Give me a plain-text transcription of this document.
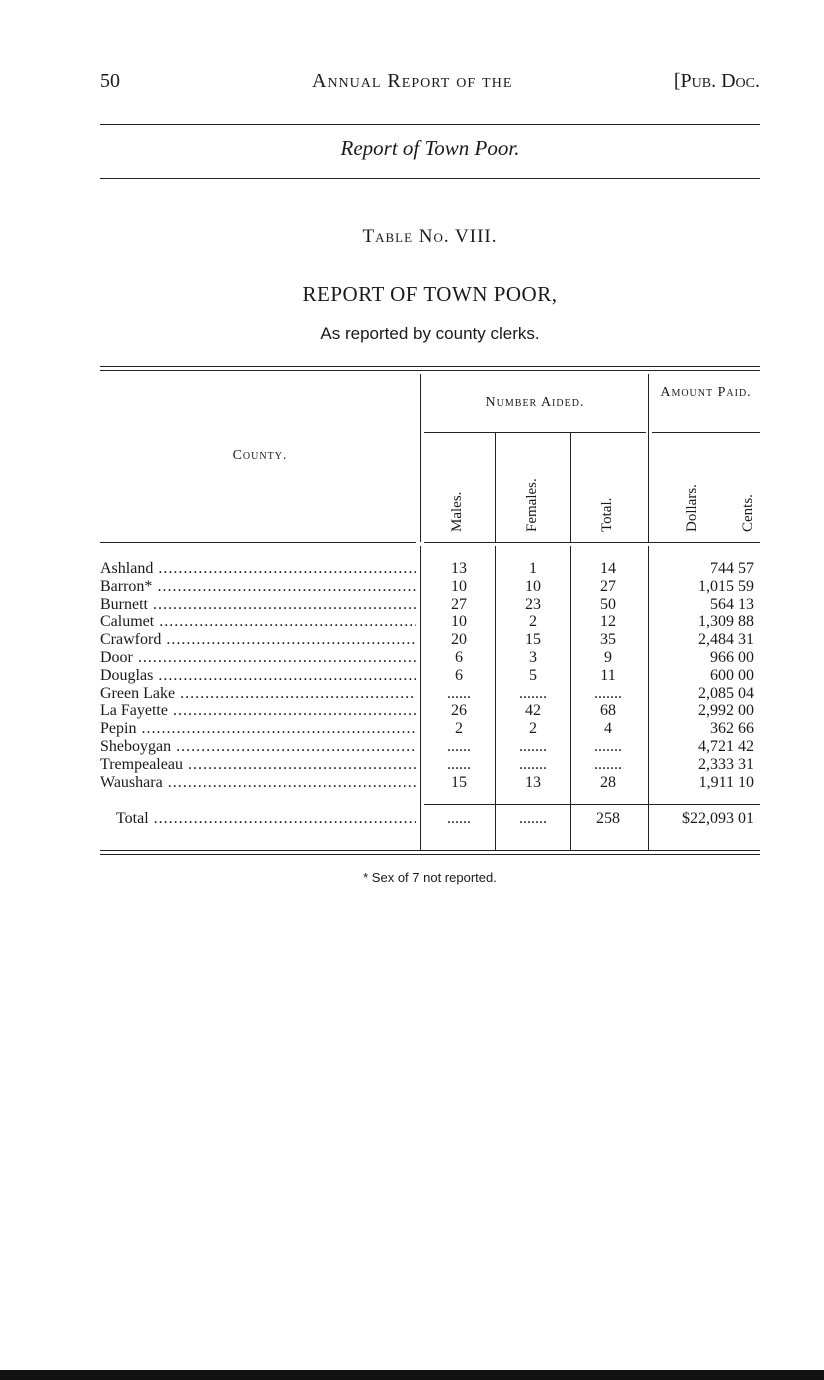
50	Annual Report of the	[Pub. Doc.
Report of Town Poor.
Table No. VIII.
REPORT OF TOWN POOR,
As reported by county clerks.
County.
Number Aided.
Amount Paid.
Males.	Females.	Total.	Dollars.	Cents.
Ashland .....	13	1	14	744 57
Barron* .....	10	10	27	1,015 59
Burnett .....	27	23	50	564 13
Calumet .....	10	2	12	1,309 88
Crawford .....	20	15	35	2,484 31
Door .....	6	3	9	966 00
Douglas .....	6	5	11	600 00
Green Lake .....	......	.......	.......	2,085 04
La Fayette .....	26	42	68	2,992 00
Pepin .....	2	2	4	362 66
Sheboygan .....	......	.......	.......	4,721 42
Trempealeau .....	......	.......	.......	2,333 31
Waushara .....	15	13	28	1,911 10
Total .....	......	.......	258	$22,093 01
* Sex of 7 not reported.
